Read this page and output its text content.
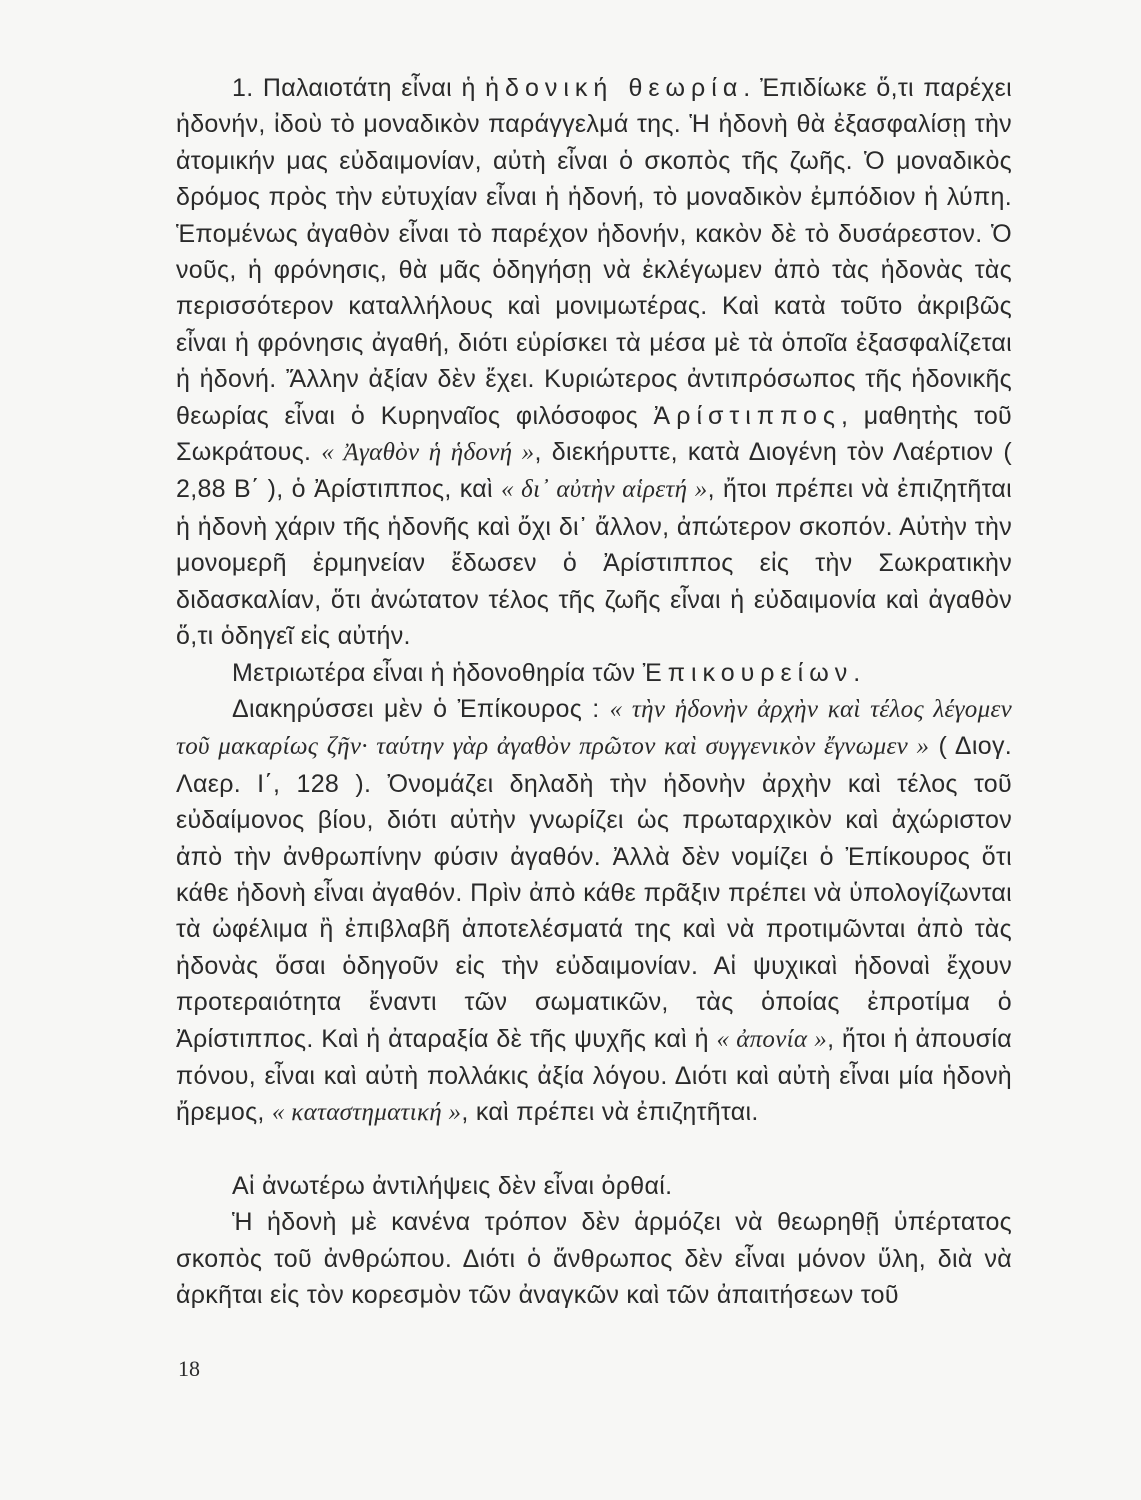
1. Παλαιοτάτη εἶναι ἡ ἡδονική θεωρία. Ἐπιδίωκε ὅ,τι παρέχει ἡδονήν, ἰδοὺ τὸ μοναδικὸν παράγγελμά της. Ἡ ἡδονὴ θὰ ἐξασφαλίσῃ τὴν ἀτομικήν μας εὐδαιμονίαν, αὐτὴ εἶναι ὁ σκοπὸς τῆς ζωῆς. Ὁ μοναδικὸς δρόμος πρὸς τὴν εὐτυχίαν εἶναι ἡ ἡδονή, τὸ μοναδικὸν ἐμπόδιον ἡ λύπη. Ἑπομένως ἀγαθὸν εἶναι τὸ παρέχον ἡδονήν, κακὸν δὲ τὸ δυσάρεστον. Ὁ νοῦς, ἡ φρόνησις, θὰ μᾶς ὁδηγήσῃ νὰ ἐκλέγωμεν ἀπὸ τὰς ἡδονὰς τὰς περισσότερον καταλλήλους καὶ μονιμωτέρας. Καὶ κατὰ τοῦτο ἀκριβῶς εἶναι ἡ φρόνησις ἀγαθή, διότι εὑρίσκει τὰ μέσα μὲ τὰ ὁποῖα ἐξασφαλίζεται ἡ ἡδονή. Ἄλλην ἀξίαν δὲν ἔχει. Κυριώτερος ἀντιπρόσωπος τῆς ἡδονικῆς θεωρίας εἶναι ὁ Κυρηναῖος φιλόσοφος Ἀρίστιππος, μαθητὴς τοῦ Σωκράτους. « Ἀγαθὸν ἡ ἡδονή », διεκήρυττε, κατὰ Διογένη τὸν Λαέρτιον ( 2,88 Β΄ ), ὁ Ἀρίστιππος, καὶ « δι᾽ αὐτὴν αἱρετή », ἤτοι πρέπει νὰ ἐπιζητῆται ἡ ἡδονὴ χάριν τῆς ἡδονῆς καὶ ὄχι δι᾽ ἄλλον, ἀπώτερον σκοπόν. Αὐτὴν τὴν μονομερῆ ἑρμηνείαν ἔδωσεν ὁ Ἀρίστιππος εἰς τὴν Σωκρατικὴν διδασκαλίαν, ὅτι ἀνώτατον τέλος τῆς ζωῆς εἶναι ἡ εὐδαιμονία καὶ ἀγαθὸν ὅ,τι ὁδηγεῖ εἰς αὐτήν.

Μετριωτέρα εἶναι ἡ ἡδονοθηρία τῶν Ἐπικουρείων.

Διακηρύσσει μὲν ὁ Ἐπίκουρος : « τὴν ἡδονὴν ἀρχὴν καὶ τέλος λέγομεν τοῦ μακαρίως ζῆν· ταύτην γὰρ ἀγαθὸν πρῶτον καὶ συγγενικὸν ἔγνωμεν » ( Διογ. Λαερ. Ι΄, 128 ). Ὀνομάζει δηλαδὴ τὴν ἡδονὴν ἀρχὴν καὶ τέλος τοῦ εὐδαίμονος βίου, διότι αὐτὴν γνωρίζει ὡς πρωταρχικὸν καὶ ἀχώριστον ἀπὸ τὴν ἀνθρωπίνην φύσιν ἀγαθόν. Ἀλλὰ δὲν νομίζει ὁ Ἐπίκουρος ὅτι κάθε ἡδονὴ εἶναι ἀγαθόν. Πρὶν ἀπὸ κάθε πρᾶξιν πρέπει νὰ ὑπολογίζωνται τὰ ὠφέλιμα ἢ ἐπιβλαβῆ ἀποτελέσματά της καὶ νὰ προτιμῶνται ἀπὸ τὰς ἡδονὰς ὅσαι ὁδηγοῦν εἰς τὴν εὐδαιμονίαν. Αἱ ψυχικαὶ ἡδοναὶ ἔχουν προτεραιότητα ἔναντι τῶν σωματικῶν, τὰς ὁποίας ἐπροτίμα ὁ Ἀρίστιππος. Καὶ ἡ ἀταραξία δὲ τῆς ψυχῆς καὶ ἡ « ἀπονία », ἤτοι ἡ ἀπουσία πόνου, εἶναι καὶ αὐτὴ πολλάκις ἀξία λόγου. Διότι καὶ αὐτὴ εἶναι μία ἡδονὴ ἤρεμος, « καταστηματική », καὶ πρέπει νὰ ἐπιζητῆται.

Αἱ ἀνωτέρω ἀντιλήψεις δὲν εἶναι ὀρθαί.

Ἡ ἡδονὴ μὲ κανένα τρόπον δὲν ἁρμόζει νὰ θεωρηθῇ ὑπέρτατος σκοπὸς τοῦ ἀνθρώπου. Διότι ὁ ἄνθρωπος δὲν εἶναι μόνον ὕλη, διὰ νὰ ἀρκῆται εἰς τὸν κορεσμὸν τῶν ἀναγκῶν καὶ τῶν ἀπαιτήσεων τοῦ

18
